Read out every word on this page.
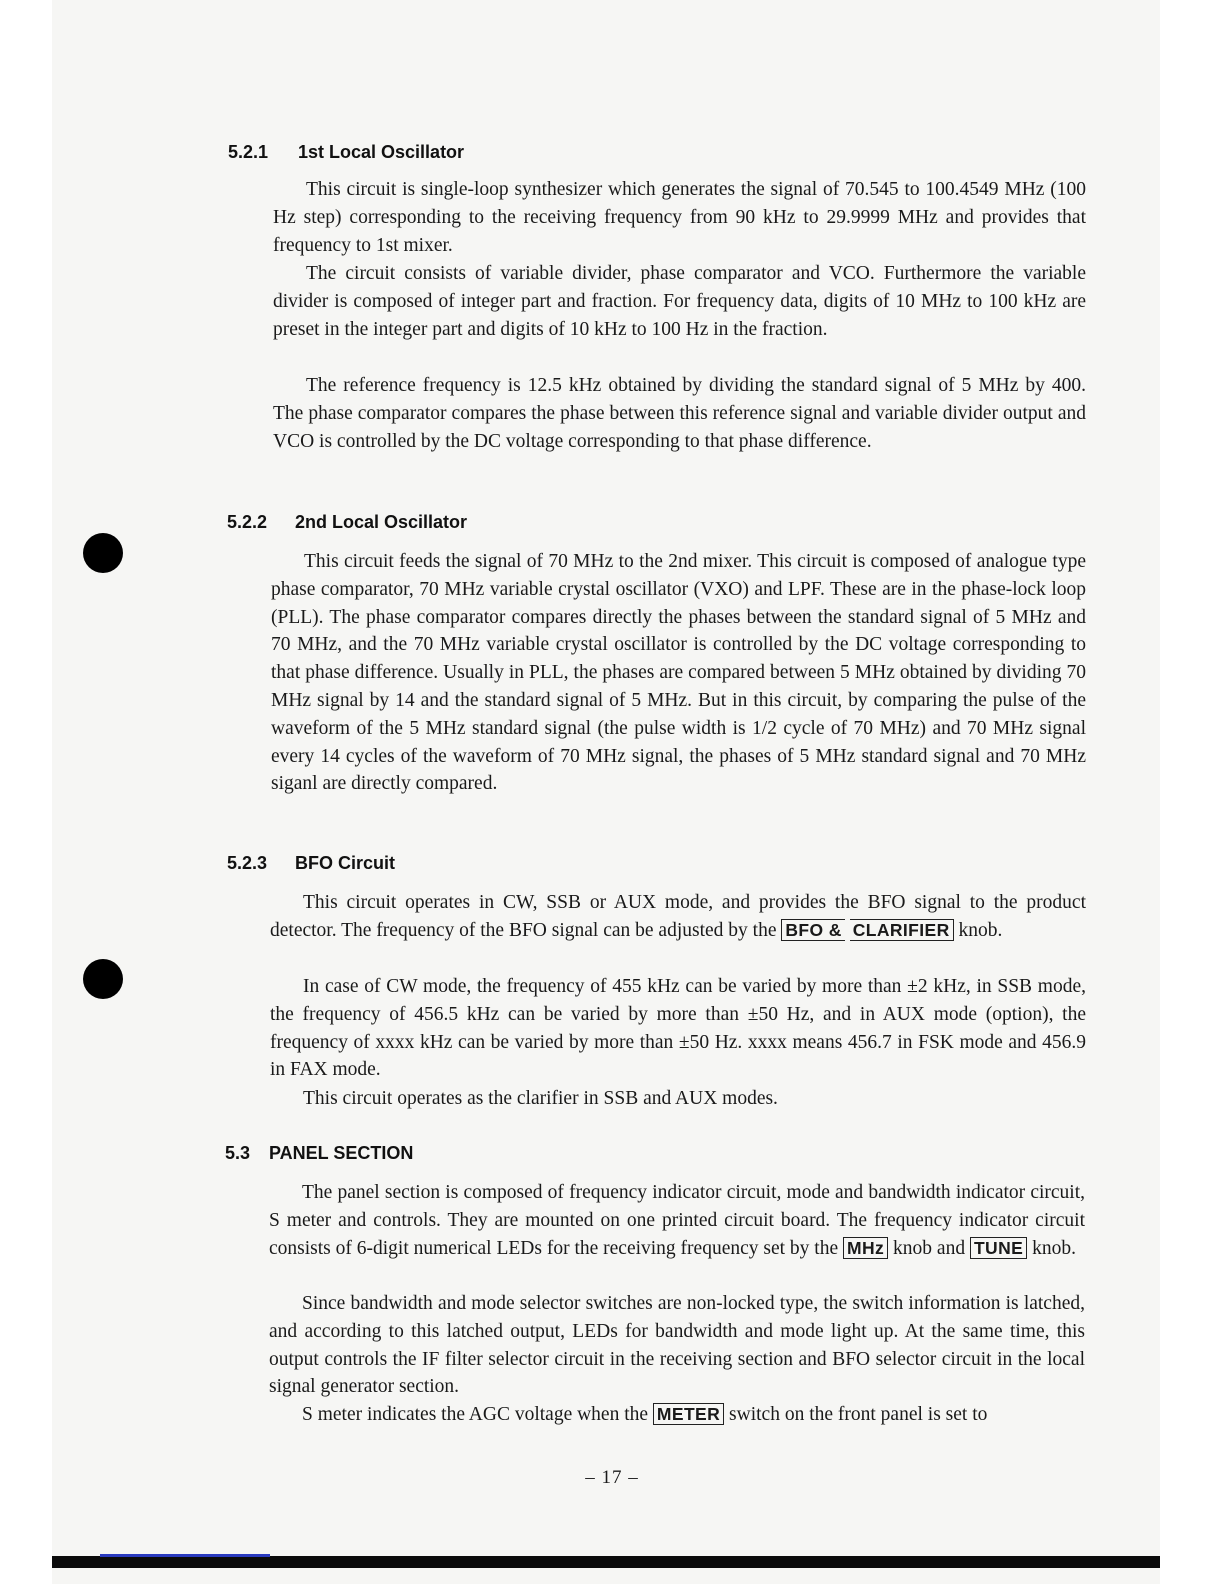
5.2.1 1st Local Oscillator

This circuit is single-loop synthesizer which generates the signal of 70.545 to 100.4549 MHz (100 Hz step) corresponding to the receiving frequency from 90 kHz to 29.9999 MHz and provides that frequency to 1st mixer.

The circuit consists of variable divider, phase comparator and VCO. Furthermore the variable divider is composed of integer part and fraction. For frequency data, digits of 10 MHz to 100 kHz are preset in the integer part and digits of 10 kHz to 100 Hz in the fraction.

The reference frequency is 12.5 kHz obtained by dividing the standard signal of 5 MHz by 400. The phase comparator compares the phase between this reference signal and variable divider output and VCO is controlled by the DC voltage corresponding to that phase difference.

5.2.2 2nd Local Oscillator

This circuit feeds the signal of 70 MHz to the 2nd mixer. This circuit is composed of analogue type phase comparator, 70 MHz variable crystal oscillator (VXO) and LPF. These are in the phase-lock loop (PLL). The phase comparator compares directly the phases between the standard signal of 5 MHz and 70 MHz, and the 70 MHz variable crystal oscillator is controlled by the DC voltage corresponding to that phase difference. Usually in PLL, the phases are compared between 5 MHz obtained by dividing 70 MHz signal by 14 and the standard signal of 5 MHz. But in this circuit, by comparing the pulse of the waveform of the 5 MHz standard signal (the pulse width is 1/2 cycle of 70 MHz) and 70 MHz signal every 14 cycles of the waveform of 70 MHz signal, the phases of 5 MHz standard signal and 70 MHz siganl are directly compared.

5.2.3 BFO Circuit

This circuit operates in CW, SSB or AUX mode, and provides the BFO signal to the product detector. The frequency of the BFO signal can be adjusted by the BFO & CLARIFIER knob.

In case of CW mode, the frequency of 455 kHz can be varied by more than ±2 kHz, in SSB mode, the frequency of 456.5 kHz can be varied by more than ±50 Hz, and in AUX mode (option), the frequency of xxxx kHz can be varied by more than ±50 Hz. xxxx means 456.7 in FSK mode and 456.9 in FAX mode.

This circuit operates as the clarifier in SSB and AUX modes.

5.3 PANEL SECTION

The panel section is composed of frequency indicator circuit, mode and bandwidth indicator circuit, S meter and controls. They are mounted on one printed circuit board. The frequency indicator circuit consists of 6-digit numerical LEDs for the receiving frequency set by the MHz knob and TUNE knob.

Since bandwidth and mode selector switches are non-locked type, the switch information is latched, and according to this latched output, LEDs for bandwidth and mode light up. At the same time, this output controls the IF filter selector circuit in the receiving section and BFO selector circuit in the local signal generator section.

S meter indicates the AGC voltage when the METER switch on the front panel is set to

– 17 –
